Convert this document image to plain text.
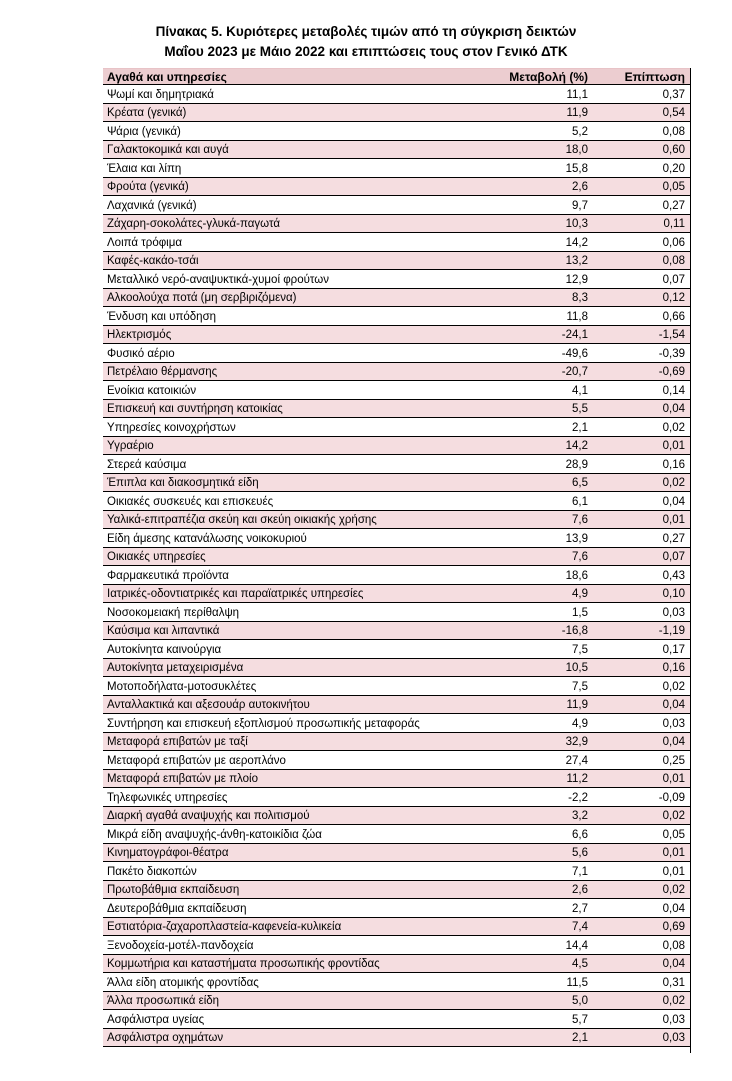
Πίνακας 5. Κυριότερες μεταβολές τιμών από τη σύγκριση δεικτών
Μαΐου 2023 με Μάιο 2022 και επιπτώσεις τους στον Γενικό ΔΤΚ
Αγαθά και υπηρεσίες	Μεταβολή (%)	Επίπτωση
Ψωμί και δημητριακά	11,1	0,37
Κρέατα (γενικά)	11,9	0,54
Ψάρια (γενικά)	5,2	0,08
Γαλακτοκομικά και αυγά	18,0	0,60
Έλαια και λίπη	15,8	0,20
Φρούτα (γενικά)	2,6	0,05
Λαχανικά (γενικά)	9,7	0,27
Ζάχαρη-σοκολάτες-γλυκά-παγωτά	10,3	0,11
Λοιπά τρόφιμα	14,2	0,06
Καφές-κακάο-τσάι	13,2	0,08
Μεταλλικό νερό-αναψυκτικά-χυμοί φρούτων	12,9	0,07
Αλκοολούχα ποτά (μη σερβιριζόμενα)	8,3	0,12
Ένδυση και υπόδηση	11,8	0,66
Ηλεκτρισμός	-24,1	-1,54
Φυσικό αέριο	-49,6	-0,39
Πετρέλαιο θέρμανσης	-20,7	-0,69
Ενοίκια κατοικιών	4,1	0,14
Επισκευή και συντήρηση κατοικίας	5,5	0,04
Υπηρεσίες κοινοχρήστων	2,1	0,02
Υγραέριο	14,2	0,01
Στερεά καύσιμα	28,9	0,16
Έπιπλα και διακοσμητικά είδη	6,5	0,02
Οικιακές συσκευές και επισκευές	6,1	0,04
Υαλικά-επιτραπέζια σκεύη και σκεύη οικιακής χρήσης	7,6	0,01
Είδη άμεσης κατανάλωσης νοικοκυριού	13,9	0,27
Οικιακές υπηρεσίες	7,6	0,07
Φαρμακευτικά προϊόντα	18,6	0,43
Ιατρικές-οδοντιατρικές και παραϊατρικές υπηρεσίες	4,9	0,10
Νοσοκομειακή περίθαλψη	1,5	0,03
Καύσιμα και λιπαντικά	-16,8	-1,19
Αυτοκίνητα καινούργια	7,5	0,17
Αυτοκίνητα μεταχειρισμένα	10,5	0,16
Μοτοποδήλατα-μοτοσυκλέτες	7,5	0,02
Ανταλλακτικά και αξεσουάρ αυτοκινήτου	11,9	0,04
Συντήρηση και επισκευή εξοπλισμού προσωπικής μεταφοράς	4,9	0,03
Μεταφορά επιβατών με ταξί	32,9	0,04
Μεταφορά επιβατών με αεροπλάνο	27,4	0,25
Μεταφορά επιβατών με πλοίο	11,2	0,01
Τηλεφωνικές υπηρεσίες	-2,2	-0,09
Διαρκή αγαθά αναψυχής και πολιτισμού	3,2	0,02
Μικρά είδη αναψυχής-άνθη-κατοικίδια ζώα	6,6	0,05
Κινηματογράφοι-θέατρα	5,6	0,01
Πακέτο διακοπών	7,1	0,01
Πρωτοβάθμια εκπαίδευση	2,6	0,02
Δευτεροβάθμια εκπαίδευση	2,7	0,04
Εστιατόρια-ζαχαροπλαστεία-καφενεία-κυλικεία	7,4	0,69
Ξενοδοχεία-μοτέλ-πανδοχεία	14,4	0,08
Κομμωτήρια και καταστήματα προσωπικής φροντίδας	4,5	0,04
Άλλα είδη ατομικής φροντίδας	11,5	0,31
Άλλα προσωπικά είδη	5,0	0,02
Ασφάλιστρα υγείας	5,7	0,03
Ασφάλιστρα οχημάτων	2,1	0,03
